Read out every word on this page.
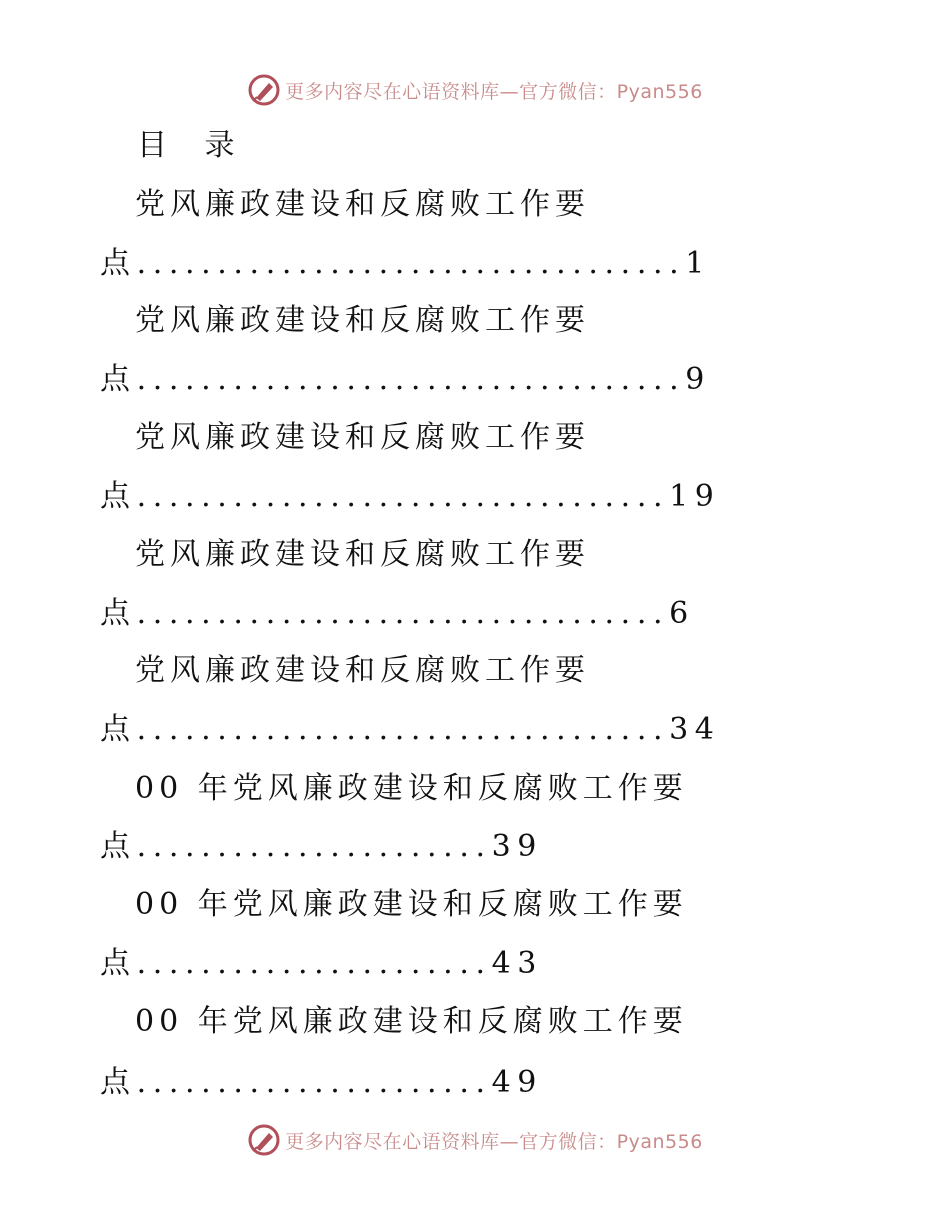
更多内容尽在心语资料库—官方微信：Pyan556
目 录
党风廉政建设和反腐败工作要
点..................................1
党风廉政建设和反腐败工作要
点..................................9
党风廉政建设和反腐败工作要
点.................................19
党风廉政建设和反腐败工作要
点.................................6
党风廉政建设和反腐败工作要
点.................................34
00 年党风廉政建设和反腐败工作要
点......................39
00 年党风廉政建设和反腐败工作要
点......................43
00 年党风廉政建设和反腐败工作要
点......................49
更多内容尽在心语资料库—官方微信：Pyan556
